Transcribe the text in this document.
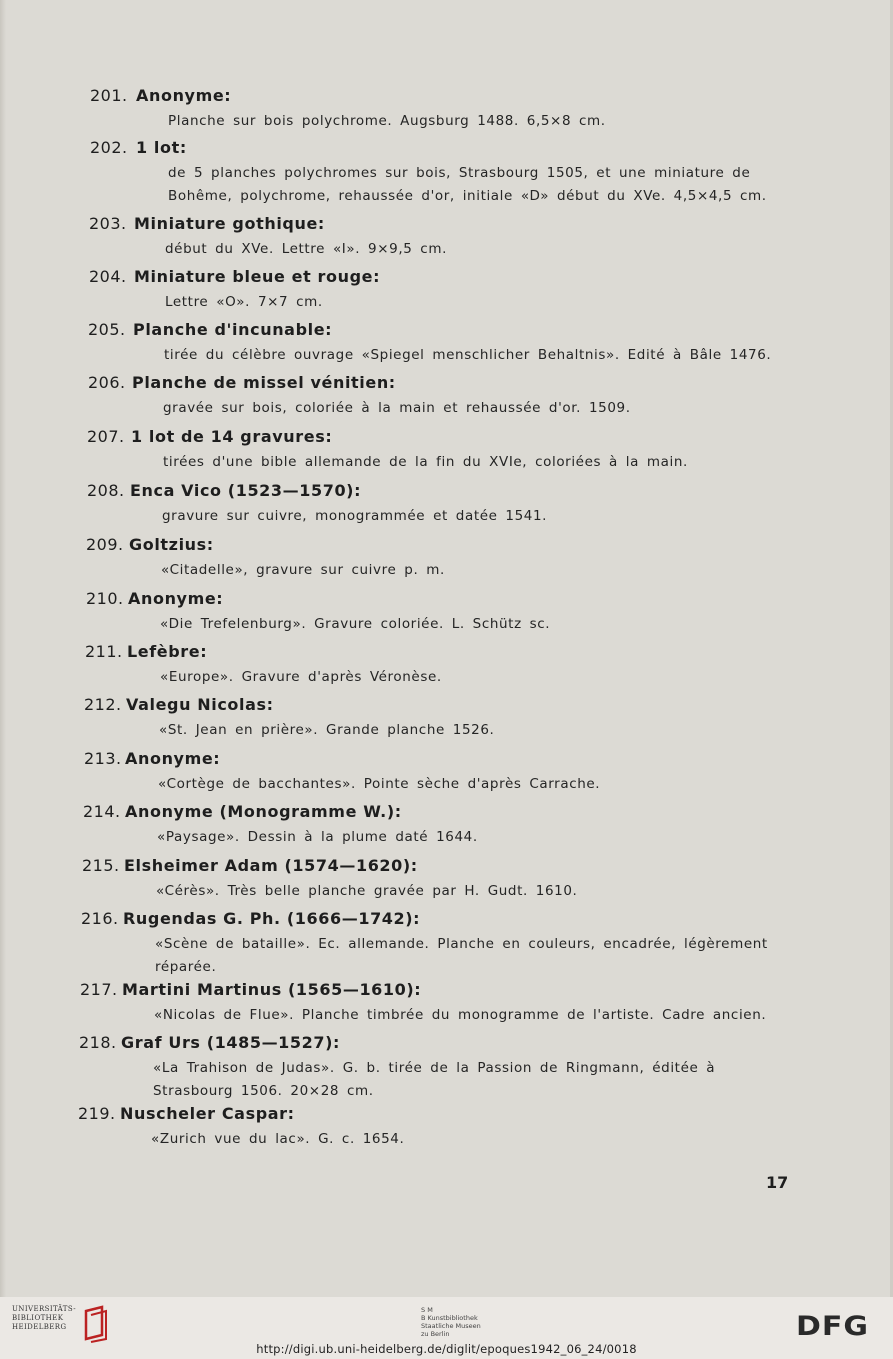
201. Anonyme:
Planche sur bois polychrome. Augsburg 1488. 6,5×8 cm.
202. 1 lot:
de 5 planches polychromes sur bois, Strasbourg 1505, et une miniature de Bohême, polychrome, rehaussée d'or, initiale «D» début du XVe. 4,5×4,5 cm.
203. Miniature gothique:
début du XVe. Lettre «I». 9×9,5 cm.
204. Miniature bleue et rouge:
Lettre «O». 7×7 cm.
205. Planche d'incunable:
tirée du célèbre ouvrage «Spiegel menschlicher Behaltnis». Edité à Bâle 1476.
206. Planche de missel vénitien:
gravée sur bois, coloriée à la main et rehaussée d'or. 1509.
207. 1 lot de 14 gravures:
tirées d'une bible allemande de la fin du XVIe, coloriées à la main.
208. Enca Vico (1523—1570):
gravure sur cuivre, monogrammée et datée 1541.
209. Goltzius:
«Citadelle», gravure sur cuivre p. m.
210. Anonyme:
«Die Trefelenburg». Gravure coloriée. L. Schütz sc.
211. Lefèbre:
«Europe». Gravure d'après Véronèse.
212. Valegu Nicolas:
«St. Jean en prière». Grande planche 1526.
213. Anonyme:
«Cortège de bacchantes». Pointe sèche d'après Carrache.
214. Anonyme (Monogramme W.):
«Paysage». Dessin à la plume daté 1644.
215. Elsheimer Adam (1574—1620):
«Cérès». Très belle planche gravée par H. Gudt. 1610.
216. Rugendas G. Ph. (1666—1742):
«Scène de bataille». Ec. allemande. Planche en couleurs, encadrée, légèrement réparée.
217. Martini Martinus (1565—1610):
«Nicolas de Flue». Planche timbrée du monogramme de l'artiste. Cadre ancien.
218. Graf Urs (1485—1527):
«La Trahison de Judas». G. b. tirée de la Passion de Ringmann, éditée à Strasbourg 1506. 20×28 cm.
219. Nuscheler Caspar:
«Zurich vue du lac». G. c. 1654.
17
UNIVERSITÄTS-
BIBLIOTHEK
HEIDELBERG
S M
B Kunstbibliothek
Staatliche Museen
zu Berlin	DFG
http://digi.ub.uni-heidelberg.de/diglit/epoques1942_06_24/0018
